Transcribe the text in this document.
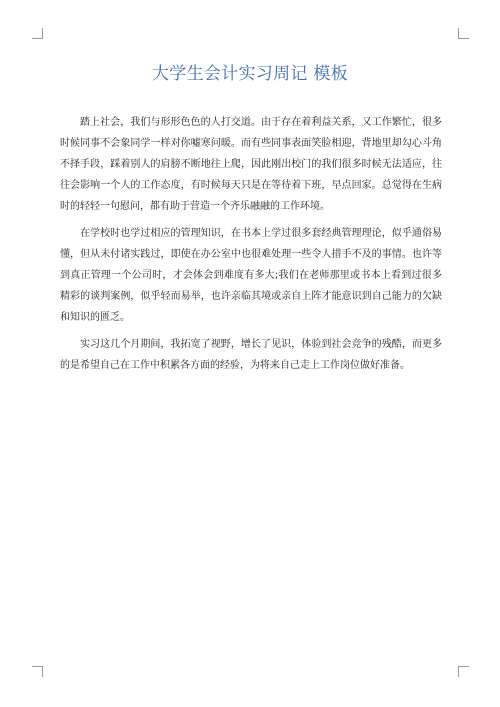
大学生会计实习周记 模板

踏上社会，我们与形形色色的人打交道。由于存在着利益关系，又工作繁忙，很多时候同事不会象同学一样对你嘘寒问暖。而有些同事表面笑脸相迎，背地里却勾心斗角不择手段，踩着别人的肩膀不断地往上爬，因此刚出校门的我们很多时候无法适应，往往会影响一个人的工作态度，有时候每天只是在等待着下班，早点回家。总觉得在生病时的轻轻一句慰问，都有助于营造一个齐乐融融的工作环境。

在学校时也学过相应的管理知识，在书本上学过很多套经典管理理论，似乎通俗易懂，但从未付诸实践过，即使在办公室中也很难处理一些令人措手不及的事情。也许等到真正管理一个公司时，才会体会到难度有多大;我们在老师那里或书本上看到过很多精彩的谈判案例，似乎轻而易举，也许亲临其境或亲自上阵才能意识到自己能力的欠缺和知识的匮乏。

实习这几个月期间，我拓宽了视野，增长了见识，体验到社会竞争的残酷，而更多的是希望自己在工作中积累各方面的经验，为将来自己走上工作岗位做好准备。
